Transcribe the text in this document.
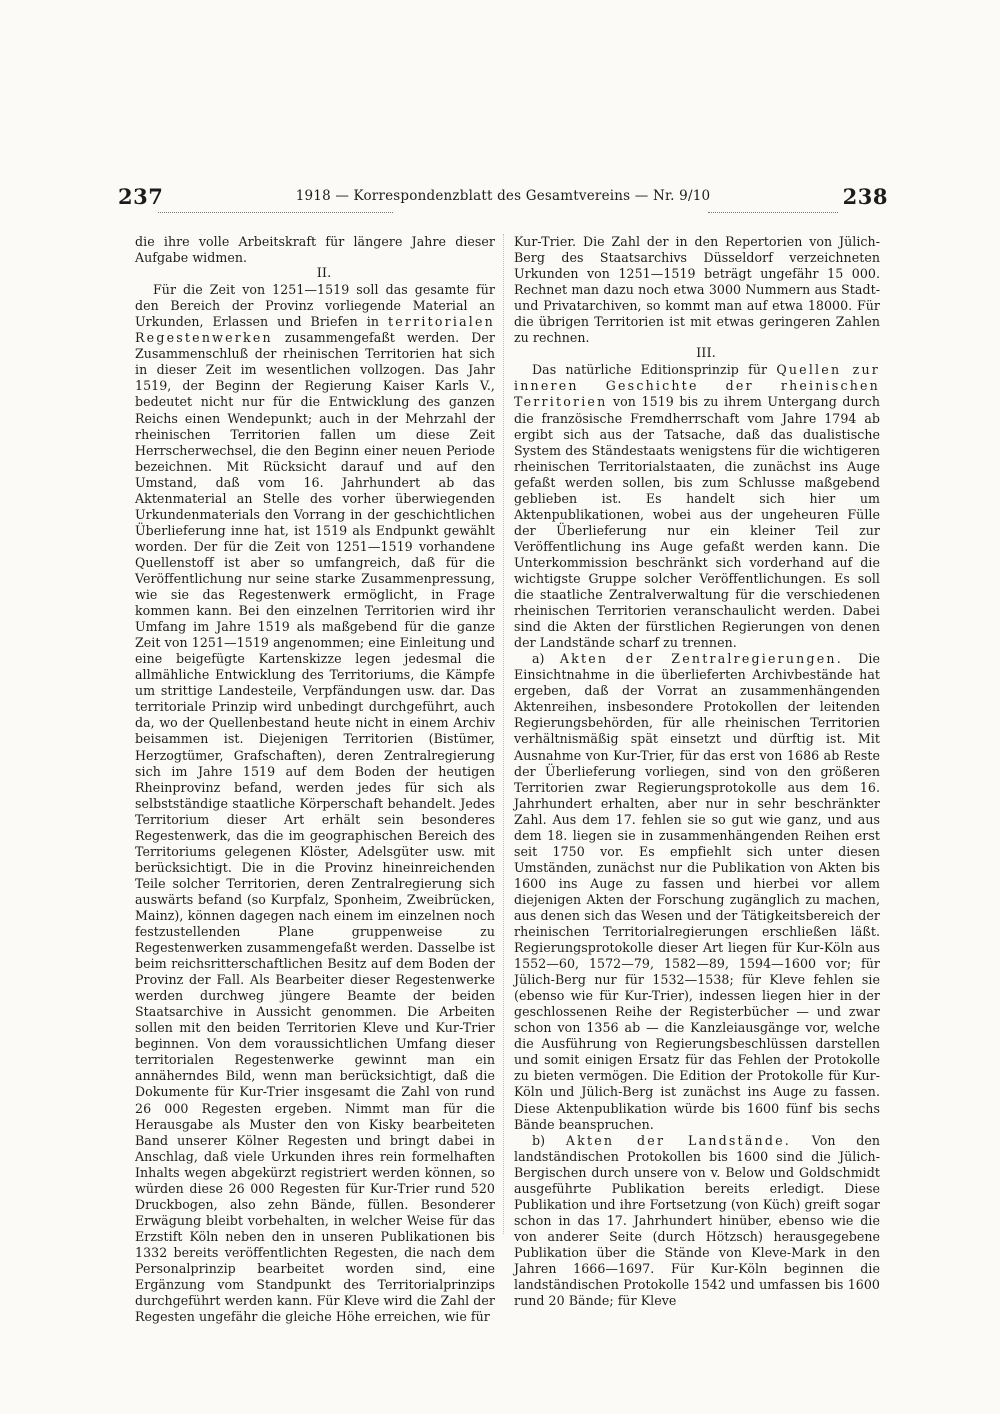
237	1918 — Korrespondenzblatt des Gesamtvereins — Nr. 9/10	238

die ihre volle Arbeitskraft für längere Jahre dieser Aufgabe widmen.

II.

Für die Zeit von 1251—1519 soll das gesamte für den Bereich der Provinz vorliegende Material an Urkunden, Erlassen und Briefen in territorialen Regestenwerken zusammengefaßt werden. Der Zusammenschluß der rheinischen Territorien hat sich in dieser Zeit im wesentlichen vollzogen. Das Jahr 1519, der Beginn der Regierung Kaiser Karls V., bedeutet nicht nur für die Entwicklung des ganzen Reichs einen Wendepunkt; auch in der Mehrzahl der rheinischen Territorien fallen um diese Zeit Herrscherwechsel, die den Beginn einer neuen Periode bezeichnen. Mit Rücksicht darauf und auf den Umstand, daß vom 16. Jahrhundert ab das Aktenmaterial an Stelle des vorher überwiegenden Urkundenmaterials den Vorrang in der geschichtlichen Überlieferung inne hat, ist 1519 als Endpunkt gewählt worden. Der für die Zeit von 1251—1519 vorhandene Quellenstoff ist aber so umfangreich, daß für die Veröffentlichung nur seine starke Zusammenpressung, wie sie das Regestenwerk ermöglicht, in Frage kommen kann. Bei den einzelnen Territorien wird ihr Umfang im Jahre 1519 als maßgebend für die ganze Zeit von 1251—1519 angenommen; eine Einleitung und eine beigefügte Kartenskizze legen jedesmal die allmähliche Entwicklung des Territoriums, die Kämpfe um strittige Landesteile, Verpfändungen usw. dar. Das territoriale Prinzip wird unbedingt durchgeführt, auch da, wo der Quellenbestand heute nicht in einem Archiv beisammen ist. Diejenigen Territorien (Bistümer, Herzogtümer, Grafschaften), deren Zentralregierung sich im Jahre 1519 auf dem Boden der heutigen Rheinprovinz befand, werden jedes für sich als selbstständige staatliche Körperschaft behandelt. Jedes Territorium dieser Art erhält sein besonderes Regestenwerk, das die im geographischen Bereich des Territoriums gelegenen Klöster, Adelsgüter usw. mit berücksichtigt. Die in die Provinz hineinreichenden Teile solcher Territorien, deren Zentralregierung sich auswärts befand (so Kurpfalz, Sponheim, Zweibrücken, Mainz), können dagegen nach einem im einzelnen noch festzustellenden Plane gruppenweise zu Regestenwerken zusammengefaßt werden. Dasselbe ist beim reichsritterschaftlichen Besitz auf dem Boden der Provinz der Fall. Als Bearbeiter dieser Regestenwerke werden durchweg jüngere Beamte der beiden Staatsarchive in Aussicht genommen. Die Arbeiten sollen mit den beiden Territorien Kleve und Kur-Trier beginnen. Von dem voraussichtlichen Umfang dieser territorialen Regestenwerke gewinnt man ein annäherndes Bild, wenn man berücksichtigt, daß die Dokumente für Kur-Trier insgesamt die Zahl von rund 26 000 Regesten ergeben. Nimmt man für die Herausgabe als Muster den von Kisky bearbeiteten Band unserer Kölner Regesten und bringt dabei in Anschlag, daß viele Urkunden ihres rein formelhaften Inhalts wegen abgekürzt registriert werden können, so würden diese 26 000 Regesten für Kur-Trier rund 520 Druckbogen, also zehn Bände, füllen. Besonderer Erwägung bleibt vorbehalten, in welcher Weise für das Erzstift Köln neben den in unseren Publikationen bis 1332 bereits veröffentlichten Regesten, die nach dem Personalprinzip bearbeitet worden sind, eine Ergänzung vom Standpunkt des Territorialprinzips durchgeführt werden kann. Für Kleve wird die Zahl der Regesten ungefähr die gleiche Höhe erreichen, wie für

Kur-Trier. Die Zahl der in den Repertorien von Jülich-Berg des Staatsarchivs Düsseldorf verzeichneten Urkunden von 1251—1519 beträgt ungefähr 15 000. Rechnet man dazu noch etwa 3000 Nummern aus Stadt- und Privatarchiven, so kommt man auf etwa 18000. Für die übrigen Territorien ist mit etwas geringeren Zahlen zu rechnen.

III.

Das natürliche Editionsprinzip für Quellen zur inneren Geschichte der rheinischen Territorien von 1519 bis zu ihrem Untergang durch die französische Fremdherrschaft vom Jahre 1794 ab ergibt sich aus der Tatsache, daß das dualistische System des Ständestaats wenigstens für die wichtigeren rheinischen Territorialstaaten, die zunächst ins Auge gefaßt werden sollen, bis zum Schlusse maßgebend geblieben ist. Es handelt sich hier um Aktenpublikationen, wobei aus der ungeheuren Fülle der Überlieferung nur ein kleiner Teil zur Veröffentlichung ins Auge gefaßt werden kann. Die Unterkommission beschränkt sich vorderhand auf die wichtigste Gruppe solcher Veröffentlichungen. Es soll die staatliche Zentralverwaltung für die verschiedenen rheinischen Territorien veranschaulicht werden. Dabei sind die Akten der fürstlichen Regierungen von denen der Landstände scharf zu trennen.

a) Akten der Zentralregierungen. Die Einsichtnahme in die überlieferten Archivbestände hat ergeben, daß der Vorrat an zusammenhängenden Aktenreihen, insbesondere Protokollen der leitenden Regierungsbehörden, für alle rheinischen Territorien verhältnismäßig spät einsetzt und dürftig ist. Mit Ausnahme von Kur-Trier, für das erst von 1686 ab Reste der Überlieferung vorliegen, sind von den größeren Territorien zwar Regierungsprotokolle aus dem 16. Jahrhundert erhalten, aber nur in sehr beschränkter Zahl. Aus dem 17. fehlen sie so gut wie ganz, und aus dem 18. liegen sie in zusammenhängenden Reihen erst seit 1750 vor. Es empfiehlt sich unter diesen Umständen, zunächst nur die Publikation von Akten bis 1600 ins Auge zu fassen und hierbei vor allem diejenigen Akten der Forschung zugänglich zu machen, aus denen sich das Wesen und der Tätigkeitsbereich der rheinischen Territorialregierungen erschließen läßt. Regierungsprotokolle dieser Art liegen für Kur-Köln aus 1552—60, 1572—79, 1582—89, 1594—1600 vor; für Jülich-Berg nur für 1532—1538; für Kleve fehlen sie (ebenso wie für Kur-Trier), indessen liegen hier in der geschlossenen Reihe der Registerbücher — und zwar schon von 1356 ab — die Kanzleiausgänge vor, welche die Ausführung von Regierungsbeschlüssen darstellen und somit einigen Ersatz für das Fehlen der Protokolle zu bieten vermögen. Die Edition der Protokolle für Kur-Köln und Jülich-Berg ist zunächst ins Auge zu fassen. Diese Aktenpublikation würde bis 1600 fünf bis sechs Bände beanspruchen.

b) Akten der Landstände. Von den landständischen Protokollen bis 1600 sind die Jülich-Bergischen durch unsere von v. Below und Goldschmidt ausgeführte Publikation bereits erledigt. Diese Publikation und ihre Fortsetzung (von Küch) greift sogar schon in das 17. Jahrhundert hinüber, ebenso wie die von anderer Seite (durch Hötzsch) herausgegebene Publikation über die Stände von Kleve-Mark in den Jahren 1666—1697. Für Kur-Köln beginnen die landständischen Protokolle 1542 und umfassen bis 1600 rund 20 Bände; für Kleve
